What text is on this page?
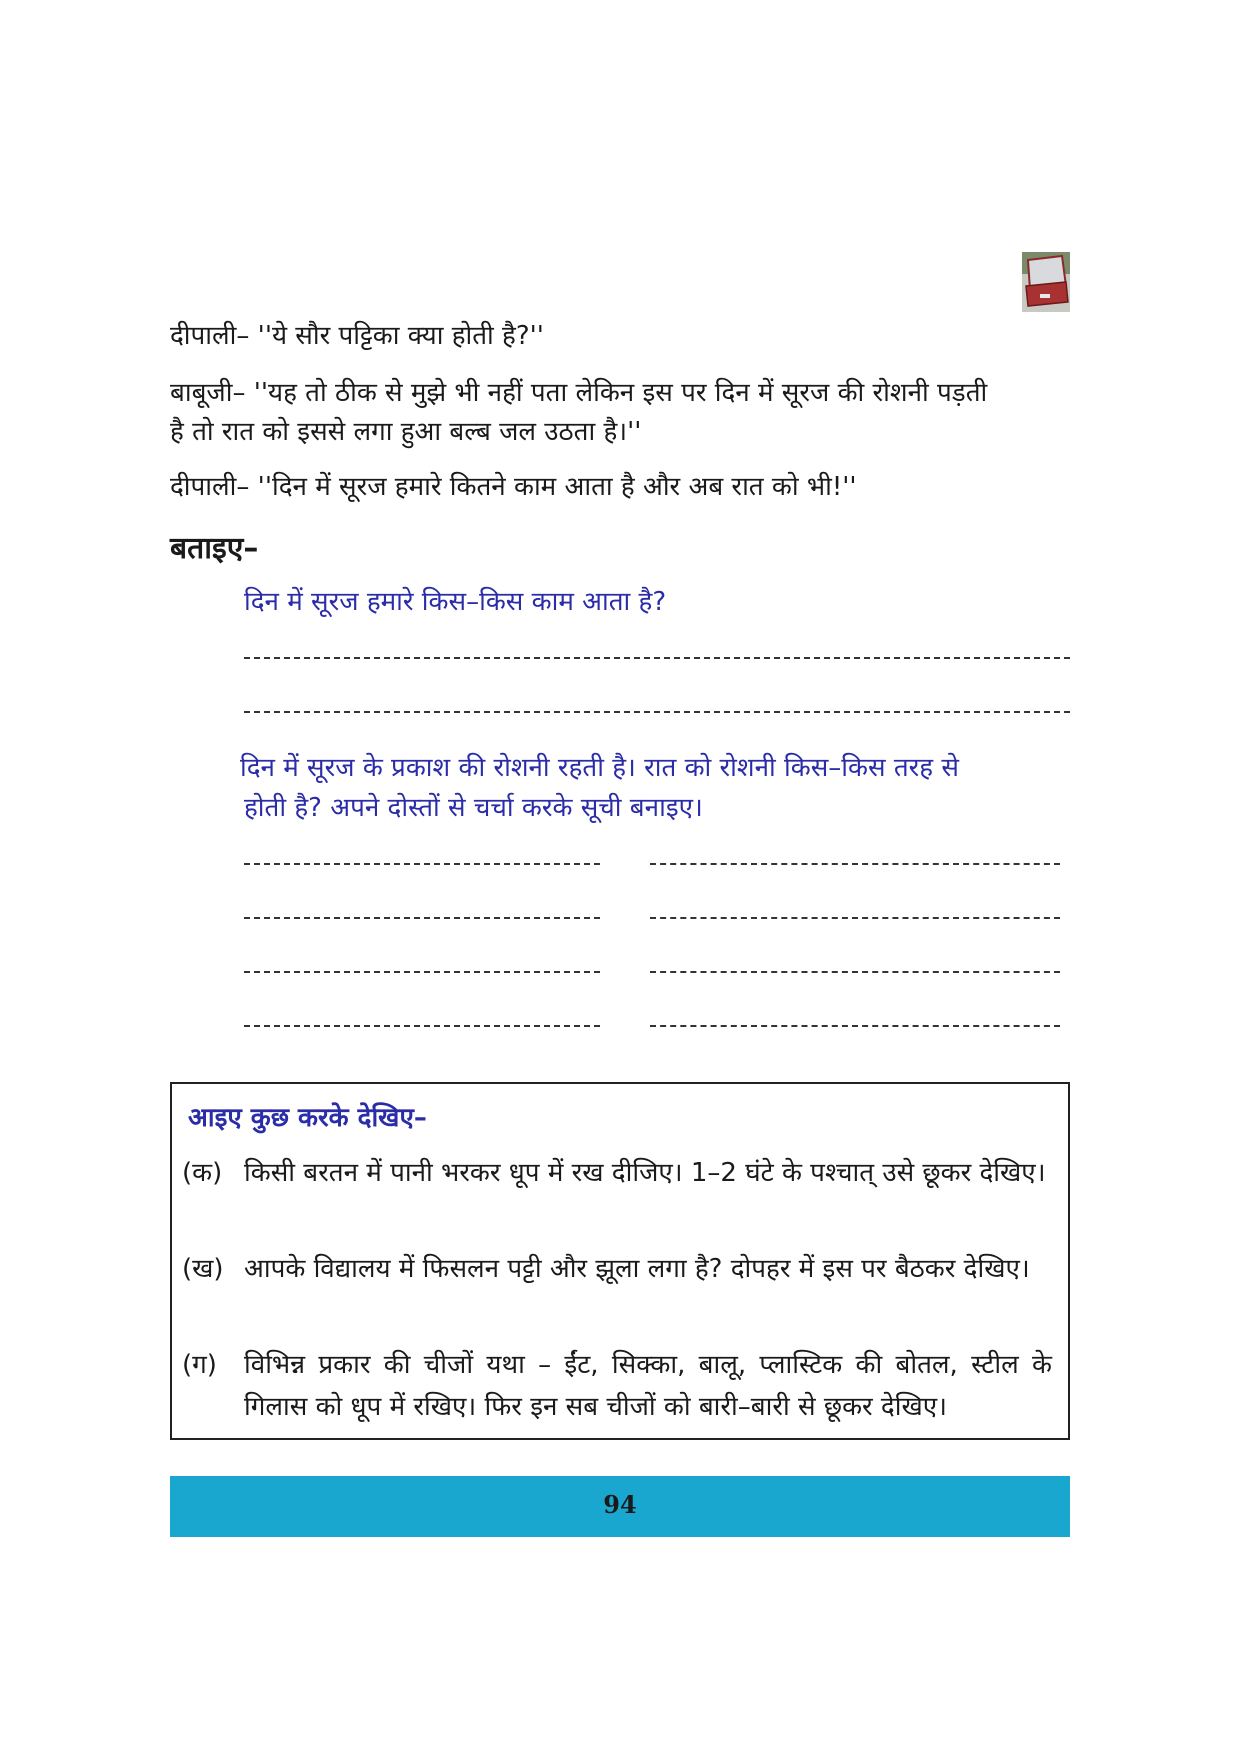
दीपाली– ''ये सौर पट्टिका क्या होती है?''
बाबूजी– ''यह तो ठीक से मुझे भी नहीं पता लेकिन इस पर दिन में सूरज की रोशनी पड़ती
है तो रात को इससे लगा हुआ बल्ब जल उठता है।''
दीपाली– ''दिन में सूरज हमारे कितने काम आता है और अब रात को भी!''
बताइए–
दिन में सूरज हमारे किस–किस काम आता है?
दिन में सूरज के प्रकाश की रोशनी रहती है। रात को रोशनी किस–किस तरह से
होती है? अपने दोस्तों से चर्चा करके सूची बनाइए।
आइए कुछ करके देखिए–
(क) किसी बरतन में पानी भरकर धूप में रख दीजिए। 1–2 घंटे के पश्चात् उसे छूकर देखिए।
(ख) आपके विद्यालय में फिसलन पट्टी और झूला लगा है? दोपहर में इस पर बैठकर देखिए।
(ग)	विभिन्न प्रकार की चीजों यथा – ईंट, सिक्का, बालू, प्लास्टिक की बोतल, स्टील के गिलास को धूप में रखिए। फिर इन सब चीजों को बारी–बारी से छूकर देखिए।
94
